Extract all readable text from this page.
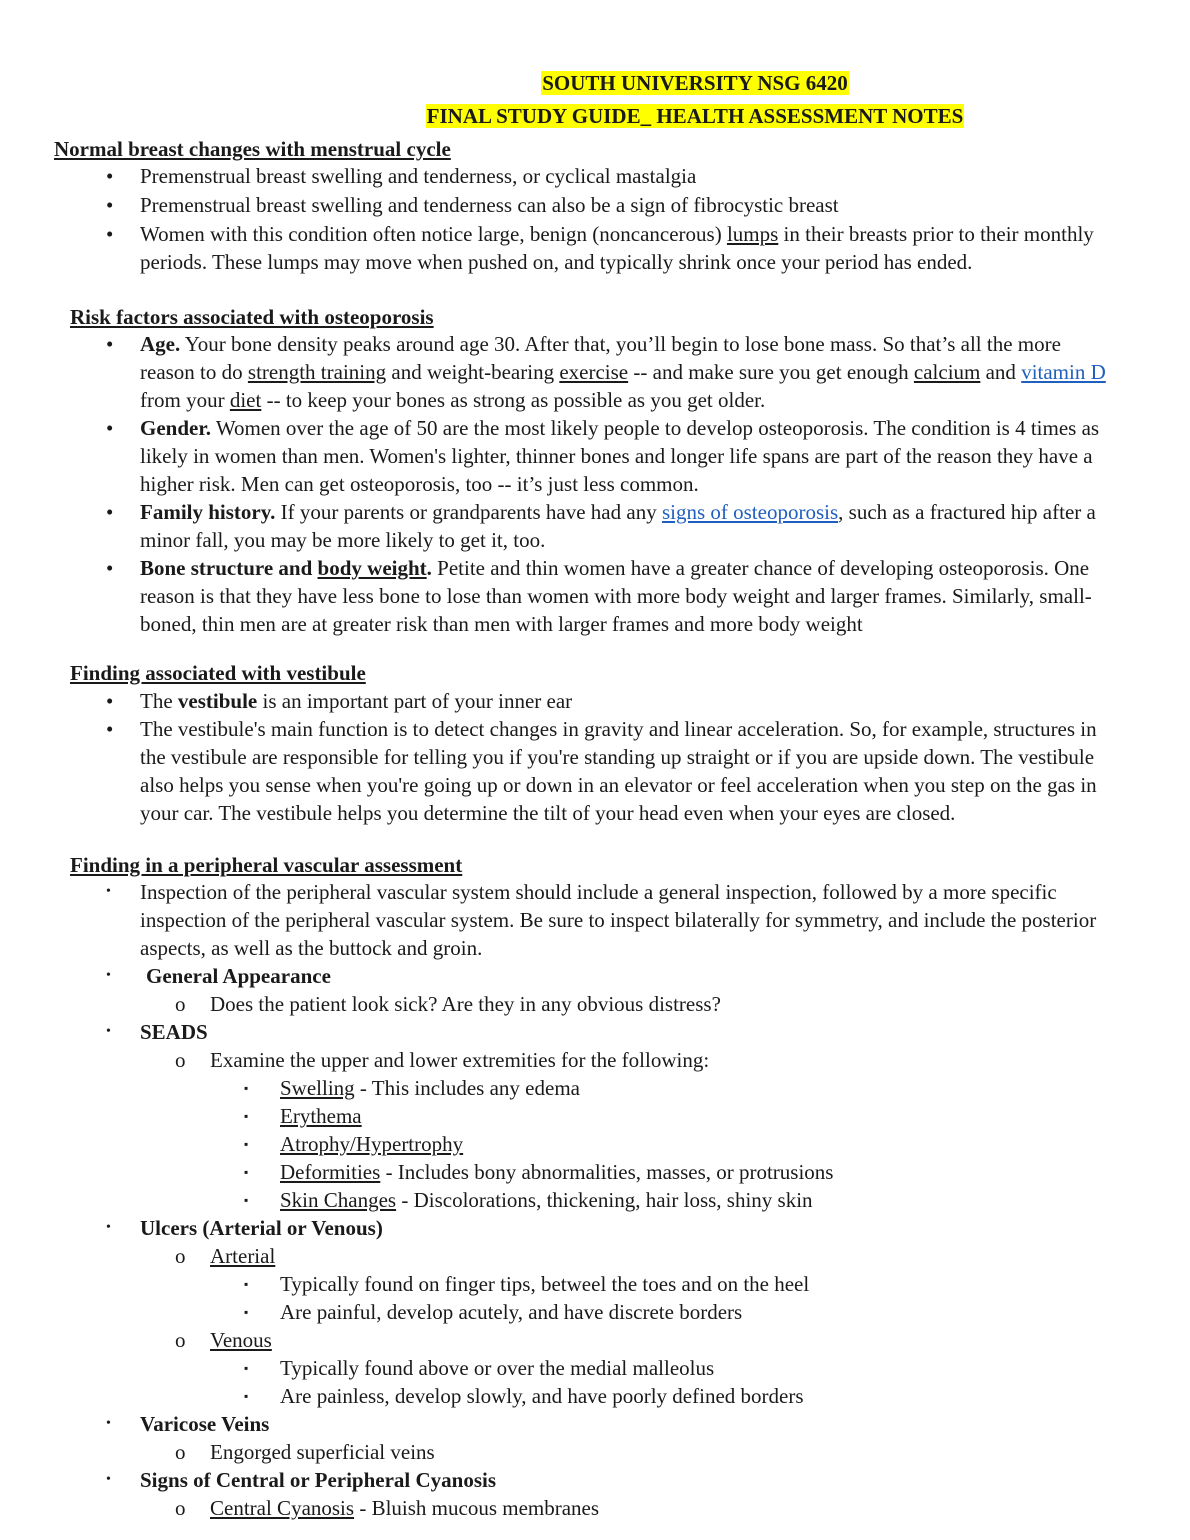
SOUTH UNIVERSITY NSG 6420
FINAL STUDY GUIDE_ HEALTH ASSESSMENT NOTES
Normal breast changes with menstrual cycle
• Premenstrual breast swelling and tenderness, or cyclical mastalgia
• Premenstrual breast swelling and tenderness can also be a sign of fibrocystic breast
• Women with this condition often notice large, benign (noncancerous) lumps in their breasts prior to their monthly periods. These lumps may move when pushed on, and typically shrink once your period has ended.
Risk factors associated with osteoporosis
• Age. Your bone density peaks around age 30. After that, you’ll begin to lose bone mass. So that’s all the more reason to do strength training and weight-bearing exercise -- and make sure you get enough calcium and vitamin D from your diet -- to keep your bones as strong as possible as you get older.
• Gender. Women over the age of 50 are the most likely people to develop osteoporosis. The condition is 4 times as likely in women than men. Women's lighter, thinner bones and longer life spans are part of the reason they have a higher risk. Men can get osteoporosis, too -- it’s just less common.
• Family history. If your parents or grandparents have had any signs of osteoporosis, such as a fractured hip after a minor fall, you may be more likely to get it, too.
• Bone structure and body weight. Petite and thin women have a greater chance of developing osteoporosis. One reason is that they have less bone to lose than women with more body weight and larger frames. Similarly, small-boned, thin men are at greater risk than men with larger frames and more body weight
Finding associated with vestibule
• The vestibule is an important part of your inner ear
• The vestibule's main function is to detect changes in gravity and linear acceleration. So, for example, structures in the vestibule are responsible for telling you if you're standing up straight or if you are upside down. The vestibule also helps you sense when you're going up or down in an elevator or feel acceleration when you step on the gas in your car. The vestibule helps you determine the tilt of your head even when your eyes are closed.
Finding in a peripheral vascular assessment
• Inspection of the peripheral vascular system should include a general inspection, followed by a more specific inspection of the peripheral vascular system. Be sure to inspect bilaterally for symmetry, and include the posterior aspects, as well as the buttock and groin.
• General Appearance
o Does the patient look sick? Are they in any obvious distress?
• SEADS
o Examine the upper and lower extremities for the following:
▪ Swelling - This includes any edema
▪ Erythema
▪ Atrophy/Hypertrophy
▪ Deformities - Includes bony abnormalities, masses, or protrusions
▪ Skin Changes - Discolorations, thickening, hair loss, shiny skin
• Ulcers (Arterial or Venous)
o Arterial
▪ Typically found on finger tips, betweel the toes and on the heel
▪ Are painful, develop acutely, and have discrete borders
o Venous
▪ Typically found above or over the medial malleolus
▪ Are painless, develop slowly, and have poorly defined borders
• Varicose Veins
o Engorged superficial veins
• Signs of Central or Peripheral Cyanosis
o Central Cyanosis - Bluish mucous membranes
